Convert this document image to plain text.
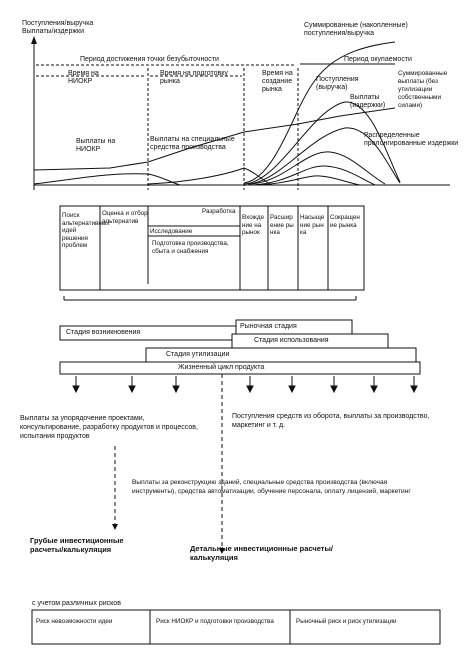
Поступления/выручка
Выплаты/издержки
Период достижения точки безубыточности
Время на НИОКР
Время на подготовку рынка
Время на создание рынка
Суммированные (накопленные) поступления/выручка
Период окупаемости
Поступления (выручка)
Выплаты (издержки)
Суммированные выплаты (без утилизации собственными силами)
Выплаты на НИОКР
Выплаты на специальные средства производства
Распределенные пролонгированные издержки
Поиск альтернативных идей решения проблем
Оценка и отбор альтернатив
Разработка
Исследование
Подготовка производства, сбыта и снабжения
Вхождение на рынок
Расширение рынка
Насыщение рынка
Сокращение рынка
Стадия возникновения
Рыночная стадия
Стадия использования
Стадия утилизации
Жизненный цикл продукта
Выплаты за упорядочение проектами, консультирование, разработку продуктов и процессов, испытания продуктов
Поступления средств из оборота, выплаты за производство, маркетинг и т. д.
Выплаты за реконструкцию зданий, специальные средства производства (включая инструменты), средства автоматизации, обучение персонала, оплату лицензий, маркетинг
Грубые инвестиционные расчеты/калькуляция	Детальные инвестиционные расчеты/калькуляция
с учетом различных рисков
Риск невозможности идеи	Риск НИОКР и подготовки производства	Рыночный риск и риск утилизации
